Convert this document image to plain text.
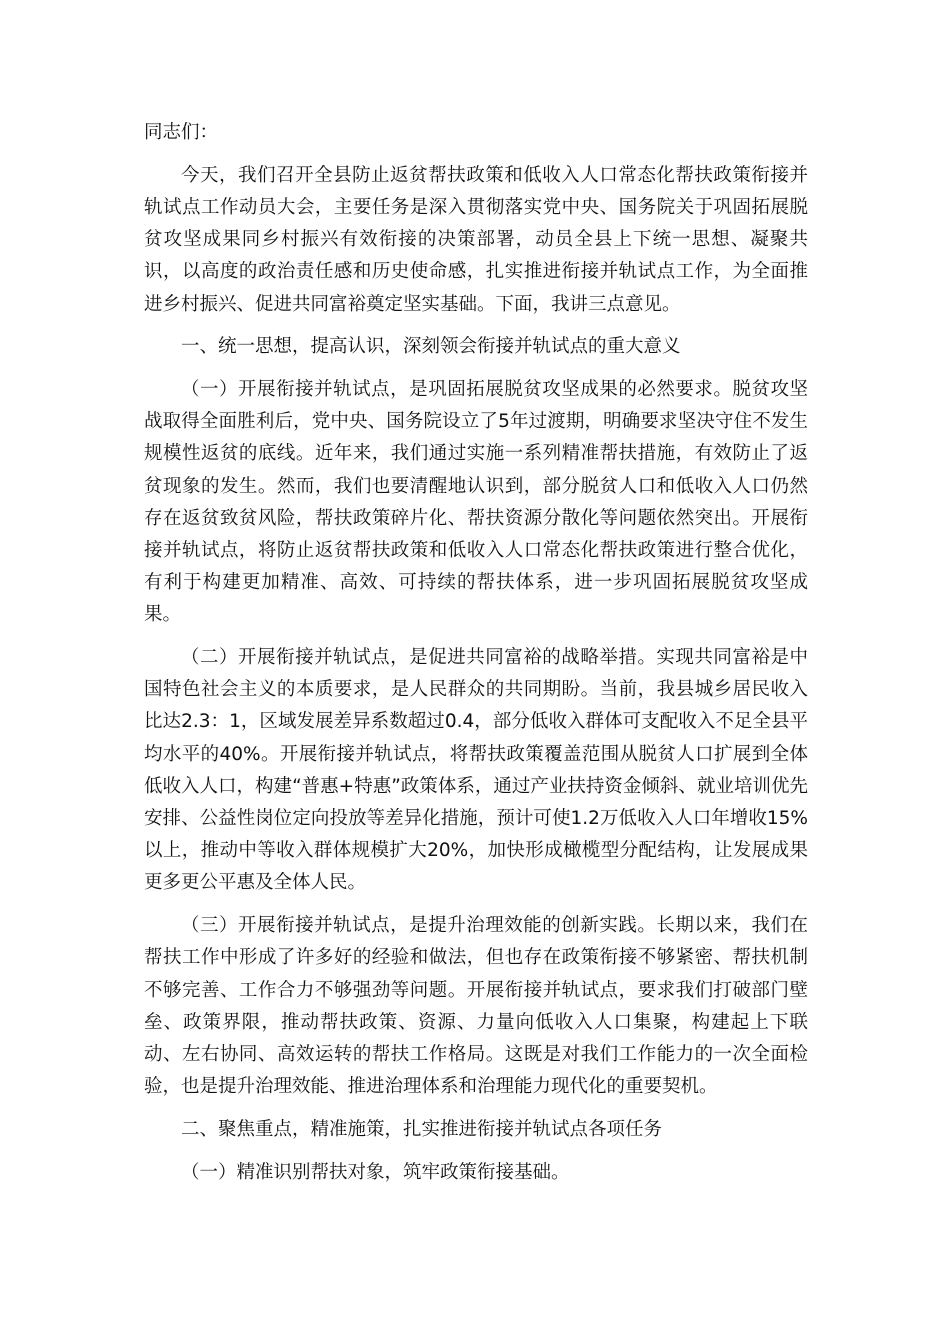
同志们：

今天，我们召开全县防止返贫帮扶政策和低收入人口常态化帮扶政策衔接并轨试点工作动员大会，主要任务是深入贯彻落实党中央、国务院关于巩固拓展脱贫攻坚成果同乡村振兴有效衔接的决策部署，动员全县上下统一思想、凝聚共识，以高度的政治责任感和历史使命感，扎实推进衔接并轨试点工作，为全面推进乡村振兴、促进共同富裕奠定坚实基础。下面，我讲三点意见。

一、统一思想，提高认识，深刻领会衔接并轨试点的重大意义

（一）开展衔接并轨试点，是巩固拓展脱贫攻坚成果的必然要求。脱贫攻坚战取得全面胜利后，党中央、国务院设立了5年过渡期，明确要求坚决守住不发生规模性返贫的底线。近年来，我们通过实施一系列精准帮扶措施，有效防止了返贫现象的发生。然而，我们也要清醒地认识到，部分脱贫人口和低收入人口仍然存在返贫致贫风险，帮扶政策碎片化、帮扶资源分散化等问题依然突出。开展衔接并轨试点，将防止返贫帮扶政策和低收入人口常态化帮扶政策进行整合优化，有利于构建更加精准、高效、可持续的帮扶体系，进一步巩固拓展脱贫攻坚成果。

（二）开展衔接并轨试点，是促进共同富裕的战略举措。实现共同富裕是中国特色社会主义的本质要求，是人民群众的共同期盼。当前，我县城乡居民收入比达2.3：1，区域发展差异系数超过0.4，部分低收入群体可支配收入不足全县平均水平的40%。开展衔接并轨试点，将帮扶政策覆盖范围从脱贫人口扩展到全体低收入人口，构建“普惠+特惠”政策体系，通过产业扶持资金倾斜、就业培训优先安排、公益性岗位定向投放等差异化措施，预计可使1.2万低收入人口年增收15%以上，推动中等收入群体规模扩大20%，加快形成橄榄型分配结构，让发展成果更多更公平惠及全体人民。

（三）开展衔接并轨试点，是提升治理效能的创新实践。长期以来，我们在帮扶工作中形成了许多好的经验和做法，但也存在政策衔接不够紧密、帮扶机制不够完善、工作合力不够强劲等问题。开展衔接并轨试点，要求我们打破部门壁垒、政策界限，推动帮扶政策、资源、力量向低收入人口集聚，构建起上下联动、左右协同、高效运转的帮扶工作格局。这既是对我们工作能力的一次全面检验，也是提升治理效能、推进治理体系和治理能力现代化的重要契机。

二、聚焦重点，精准施策，扎实推进衔接并轨试点各项任务

（一）精准识别帮扶对象，筑牢政策衔接基础。
